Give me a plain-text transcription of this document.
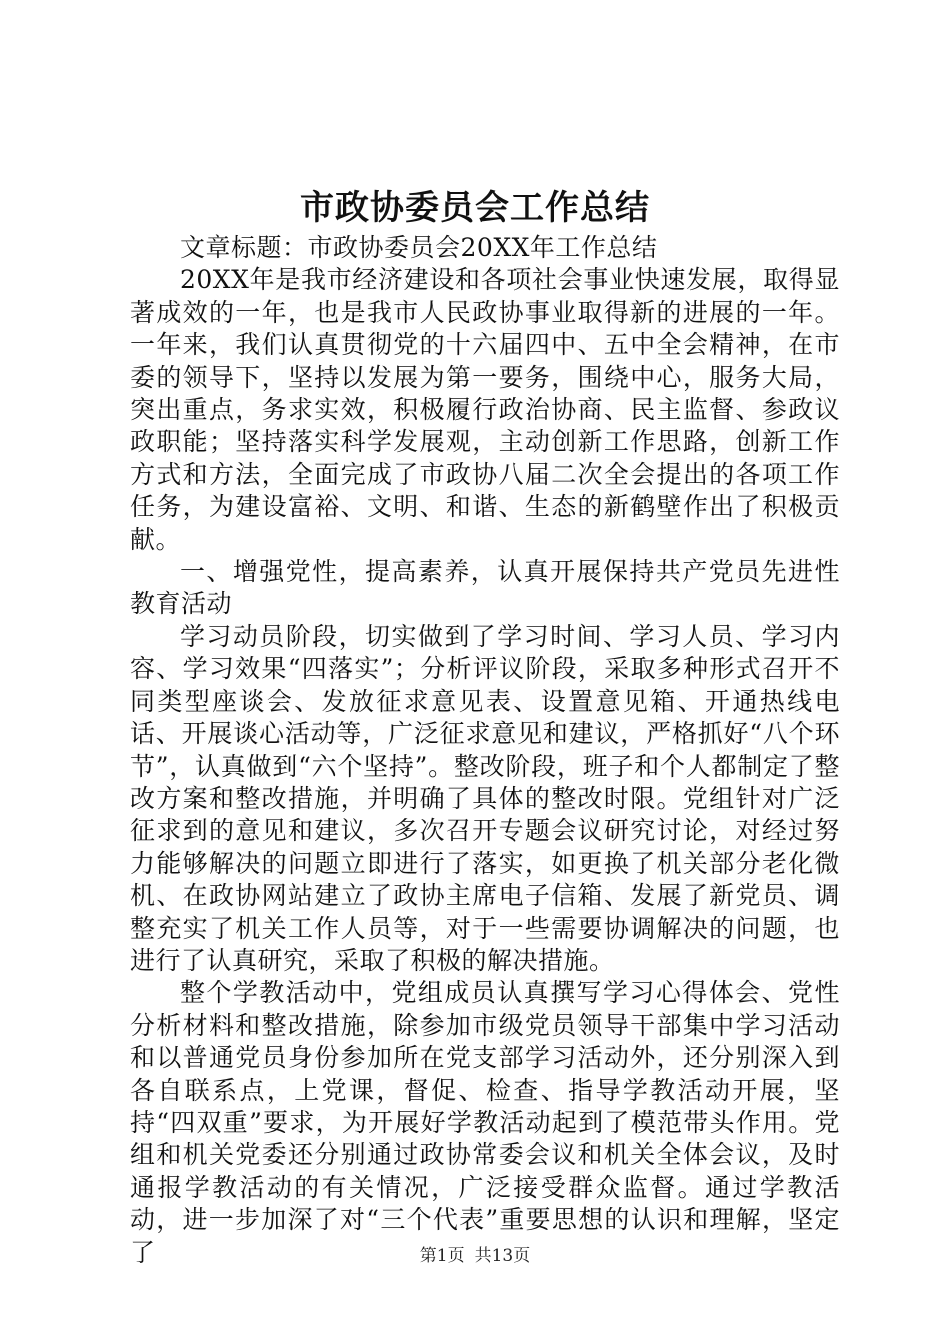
市政协委员会工作总结

文章标题：市政协委员会20XX年工作总结

20XX年是我市经济建设和各项社会事业快速发展，取得显著成效的一年，也是我市人民政协事业取得新的进展的一年。一年来，我们认真贯彻党的十六届四中、五中全会精神，在市委的领导下，坚持以发展为第一要务，围绕中心，服务大局，突出重点，务求实效，积极履行政治协商、民主监督、参政议政职能；坚持落实科学发展观，主动创新工作思路，创新工作方式和方法，全面完成了市政协八届二次全会提出的各项工作任务，为建设富裕、文明、和谐、生态的新鹤壁作出了积极贡献。

一、增强党性，提高素养，认真开展保持共产党员先进性教育活动

学习动员阶段，切实做到了学习时间、学习人员、学习内容、学习效果“四落实”；分析评议阶段，采取多种形式召开不同类型座谈会、发放征求意见表、设置意见箱、开通热线电话、开展谈心活动等，广泛征求意见和建议，严格抓好“八个环节”，认真做到“六个坚持”。整改阶段，班子和个人都制定了整改方案和整改措施，并明确了具体的整改时限。党组针对广泛征求到的意见和建议，多次召开专题会议研究讨论，对经过努力能够解决的问题立即进行了落实，如更换了机关部分老化微机、在政协网站建立了政协主席电子信箱、发展了新党员、调整充实了机关工作人员等，对于一些需要协调解决的问题，也进行了认真研究，采取了积极的解决措施。

整个学教活动中，党组成员认真撰写学习心得体会、党性分析材料和整改措施，除参加市级党员领导干部集中学习活动和以普通党员身份参加所在党支部学习活动外，还分别深入到各自联系点，上党课，督促、检查、指导学教活动开展，坚持“四双重”要求，为开展好学教活动起到了模范带头作用。党组和机关党委还分别通过政协常委会议和机关全体会议，及时通报学教活动的有关情况，广泛接受群众监督。通过学教活动，进一步加深了对“三个代表”重要思想的认识和理解，坚定了	第1页 共13页
